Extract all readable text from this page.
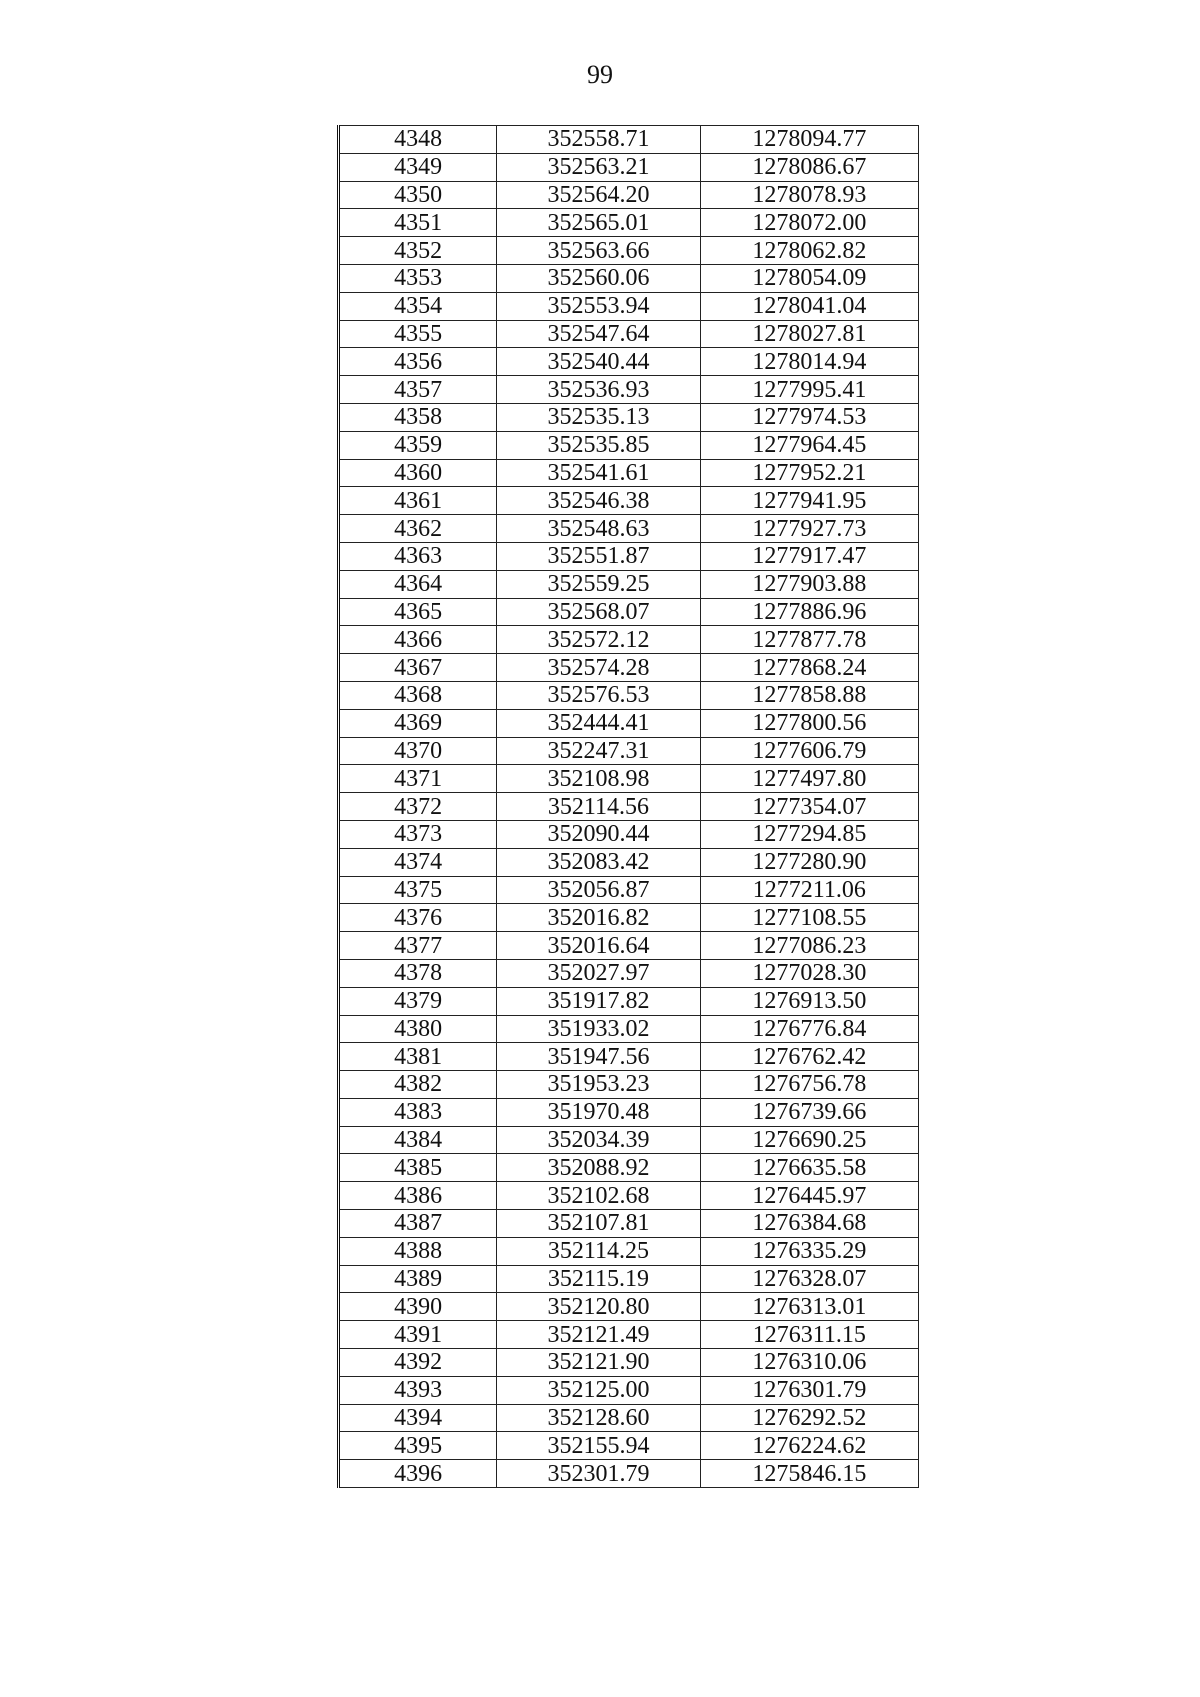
99
4348	352558.71	1278094.77
4349	352563.21	1278086.67
4350	352564.20	1278078.93
4351	352565.01	1278072.00
4352	352563.66	1278062.82
4353	352560.06	1278054.09
4354	352553.94	1278041.04
4355	352547.64	1278027.81
4356	352540.44	1278014.94
4357	352536.93	1277995.41
4358	352535.13	1277974.53
4359	352535.85	1277964.45
4360	352541.61	1277952.21
4361	352546.38	1277941.95
4362	352548.63	1277927.73
4363	352551.87	1277917.47
4364	352559.25	1277903.88
4365	352568.07	1277886.96
4366	352572.12	1277877.78
4367	352574.28	1277868.24
4368	352576.53	1277858.88
4369	352444.41	1277800.56
4370	352247.31	1277606.79
4371	352108.98	1277497.80
4372	352114.56	1277354.07
4373	352090.44	1277294.85
4374	352083.42	1277280.90
4375	352056.87	1277211.06
4376	352016.82	1277108.55
4377	352016.64	1277086.23
4378	352027.97	1277028.30
4379	351917.82	1276913.50
4380	351933.02	1276776.84
4381	351947.56	1276762.42
4382	351953.23	1276756.78
4383	351970.48	1276739.66
4384	352034.39	1276690.25
4385	352088.92	1276635.58
4386	352102.68	1276445.97
4387	352107.81	1276384.68
4388	352114.25	1276335.29
4389	352115.19	1276328.07
4390	352120.80	1276313.01
4391	352121.49	1276311.15
4392	352121.90	1276310.06
4393	352125.00	1276301.79
4394	352128.60	1276292.52
4395	352155.94	1276224.62
4396	352301.79	1275846.15
